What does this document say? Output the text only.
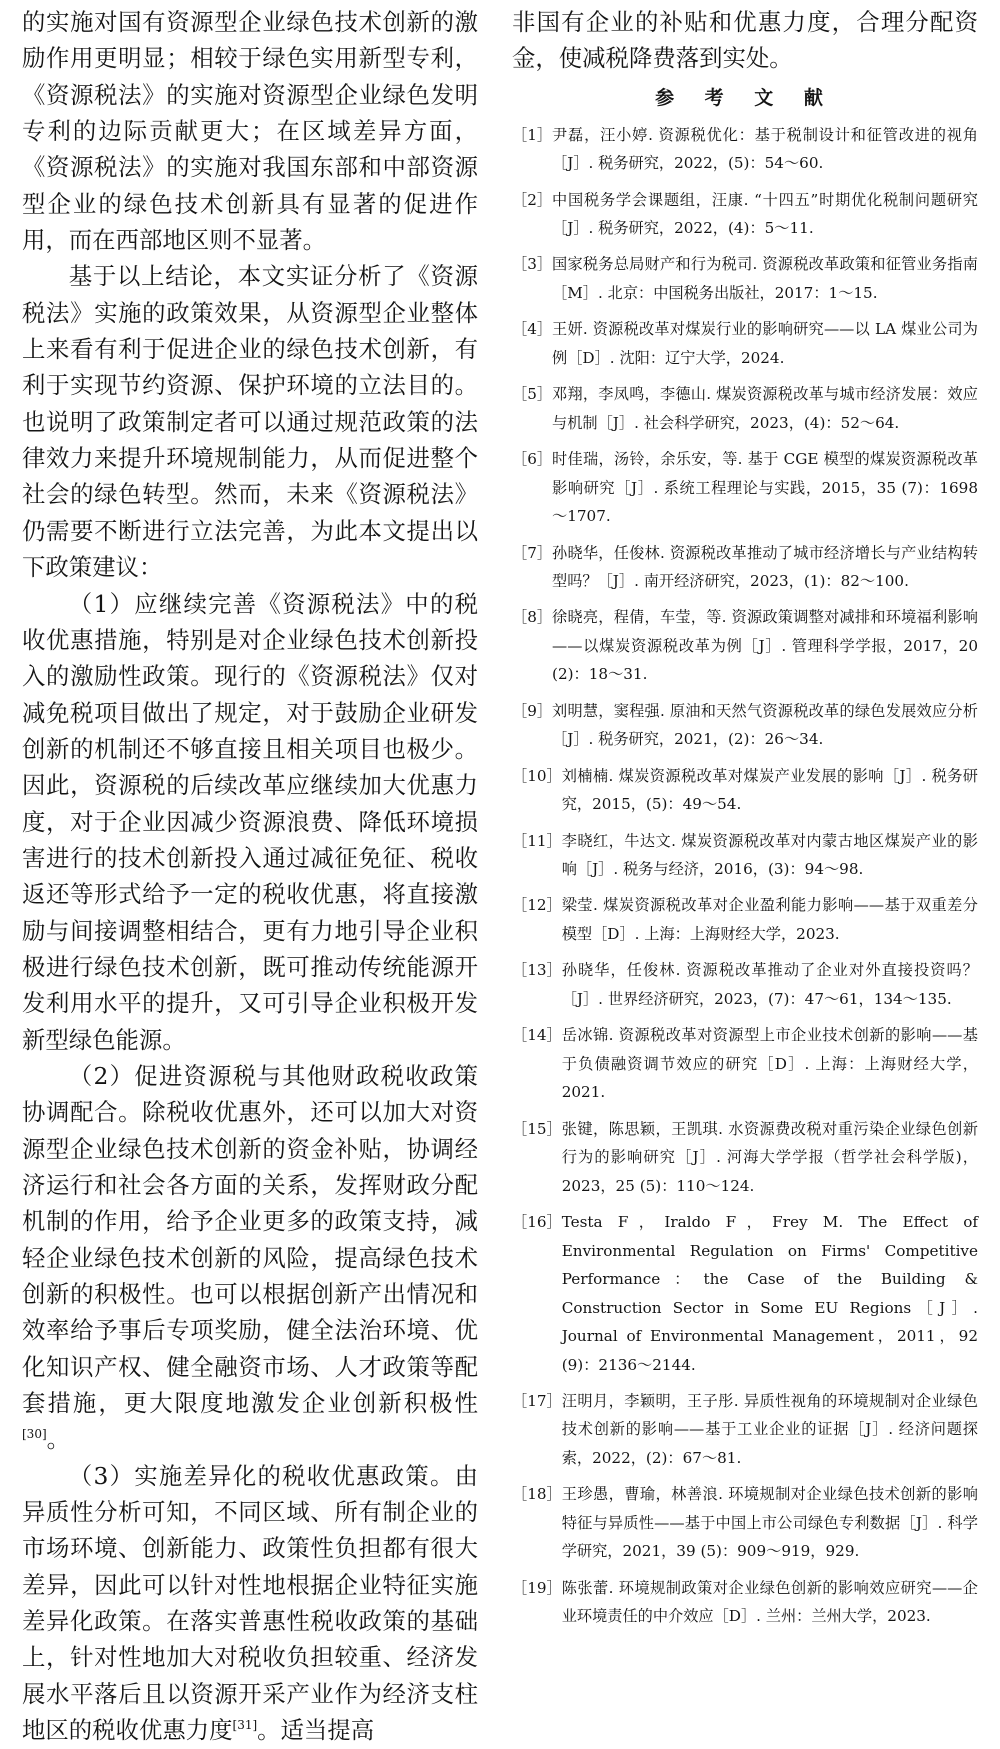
的实施对国有资源型企业绿色技术创新的激励作用更明显；相较于绿色实用新型专利，《资源税法》的实施对资源型企业绿色发明专利的边际贡献更大；在区域差异方面，《资源税法》的实施对我国东部和中部资源型企业的绿色技术创新具有显著的促进作用，而在西部地区则不显著。

基于以上结论，本文实证分析了《资源税法》实施的政策效果，从资源型企业整体上来看有利于促进企业的绿色技术创新，有利于实现节约资源、保护环境的立法目的。也说明了政策制定者可以通过规范政策的法律效力来提升环境规制能力，从而促进整个社会的绿色转型。然而，未来《资源税法》仍需要不断进行立法完善，为此本文提出以下政策建议：

（1）应继续完善《资源税法》中的税收优惠措施，特别是对企业绿色技术创新投入的激励性政策。现行的《资源税法》仅对减免税项目做出了规定，对于鼓励企业研发创新的机制还不够直接且相关项目也极少。因此，资源税的后续改革应继续加大优惠力度，对于企业因减少资源浪费、降低环境损害进行的技术创新投入通过减征免征、税收返还等形式给予一定的税收优惠，将直接激励与间接调整相结合，更有力地引导企业积极进行绿色技术创新，既可推动传统能源开发利用水平的提升，又可引导企业积极开发新型绿色能源。

（2）促进资源税与其他财政税收政策协调配合。除税收优惠外，还可以加大对资源型企业绿色技术创新的资金补贴，协调经济运行和社会各方面的关系，发挥财政分配机制的作用，给予企业更多的政策支持，减轻企业绿色技术创新的风险，提高绿色技术创新的积极性。也可以根据创新产出情况和效率给予事后专项奖励，健全法治环境、优化知识产权、健全融资市场、人才政策等配套措施，更大限度地激发企业创新积极性[30]。

（3）实施差异化的税收优惠政策。由异质性分析可知，不同区域、所有制企业的市场环境、创新能力、政策性负担都有很大差异，因此可以针对性地根据企业特征实施差异化政策。在落实普惠性税收政策的基础上，针对性地加大对税收负担较重、经济发展水平落后且以资源开采产业作为经济支柱地区的税收优惠力度[31]。适当提高

非国有企业的补贴和优惠力度，合理分配资金，使减税降费落到实处。

参 考 文 献
［1］ 尹磊，汪小婷. 资源税优化：基于税制设计和征管改进的视角［J］. 税务研究，2022，(5)：54～60.
［2］ 中国税务学会课题组，汪康. “十四五”时期优化税制问题研究［J］. 税务研究，2022，(4)：5～11.
［3］ 国家税务总局财产和行为税司. 资源税改革政策和征管业务指南［M］. 北京：中国税务出版社，2017：1～15.
［4］ 王妍. 资源税改革对煤炭行业的影响研究——以 LA 煤业公司为例［D］. 沈阳：辽宁大学，2024.
［5］ 邓翔，李凤鸣，李德山. 煤炭资源税改革与城市经济发展：效应与机制［J］. 社会科学研究，2023，(4)：52～64.
［6］ 时佳瑞，汤铃，余乐安，等. 基于 CGE 模型的煤炭资源税改革影响研究［J］. 系统工程理论与实践，2015，35 (7)：1698～1707.
［7］ 孙晓华，任俊林. 资源税改革推动了城市经济增长与产业结构转型吗？［J］. 南开经济研究，2023，(1)：82～100.
［8］ 徐晓亮，程倩，车莹，等. 资源政策调整对减排和环境福利影响——以煤炭资源税改革为例［J］. 管理科学学报，2017，20 (2)：18～31.
［9］ 刘明慧，窦程强. 原油和天然气资源税改革的绿色发展效应分析［J］. 税务研究，2021，(2)：26～34.
［10］ 刘楠楠. 煤炭资源税改革对煤炭产业发展的影响［J］. 税务研究，2015，(5)：49～54.
［11］ 李晓红，牛达文. 煤炭资源税改革对内蒙古地区煤炭产业的影响［J］. 税务与经济，2016，(3)：94～98.
［12］ 梁莹. 煤炭资源税改革对企业盈利能力影响——基于双重差分模型［D］. 上海：上海财经大学，2023.
［13］ 孙晓华，任俊林. 资源税改革推动了企业对外直接投资吗？［J］. 世界经济研究，2023，(7)：47～61，134～135.
［14］ 岳冰锦. 资源税改革对资源型上市企业技术创新的影响——基于负债融资调节效应的研究［D］. 上海：上海财经大学，2021.
［15］ 张键，陈思颖，王凯琪. 水资源费改税对重污染企业绿色创新行为的影响研究［J］. 河海大学学报（哲学社会科学版)，2023，25 (5)：110～124.
［16］ Testa F，Iraldo F，Frey M. The Effect of Environmental Regulation on Firms' Competitive Performance：the Case of the Building & Construction Sector in Some EU Regions［J］. Journal of Environmental Management，2011，92 (9)：2136～2144.
［17］ 汪明月，李颖明，王子彤. 异质性视角的环境规制对企业绿色技术创新的影响——基于工业企业的证据［J］. 经济问题探索，2022，(2)：67～81.
［18］ 王珍愚，曹瑜，林善浪. 环境规制对企业绿色技术创新的影响特征与异质性——基于中国上市公司绿色专利数据［J］. 科学学研究，2021，39 (5)：909～919，929.
［19］ 陈张蕾. 环境规制政策对企业绿色创新的影响效应研究——企业环境责任的中介效应［D］. 兰州：兰州大学，2023.
